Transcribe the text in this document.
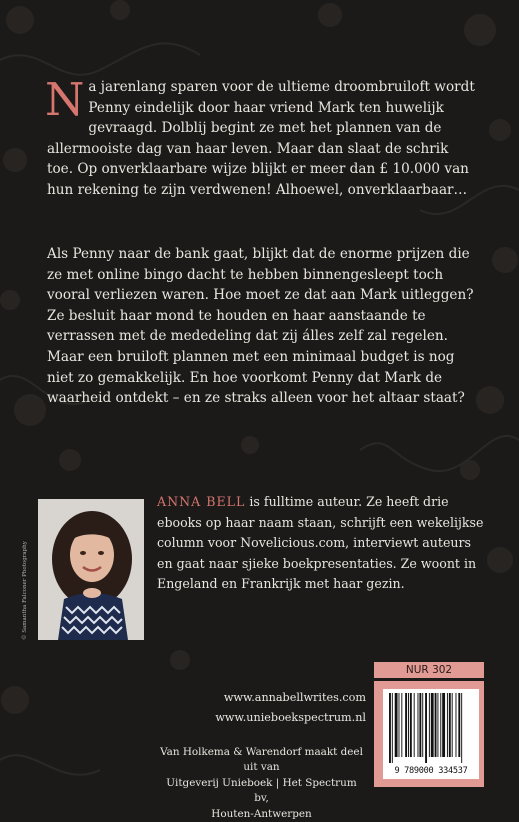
Na jarenlang sparen voor de ultieme droombruiloft wordt Penny eindelijk door haar vriend Mark ten huwelijk gevraagd. Dolblij begint ze met het plannen van de allermooiste dag van haar leven. Maar dan slaat de schrik toe. Op onverklaarbare wijze blijkt er meer dan £ 10.000 van hun rekening te zijn verdwenen! Alhoewel, onverklaarbaar…

Als Penny naar de bank gaat, blijkt dat de enorme prijzen die ze met online bingo dacht te hebben binnengesleept toch vooral verliezen waren. Hoe moet ze dat aan Mark uitleggen? Ze besluit haar mond te houden en haar aanstaande te verrassen met de mededeling dat zij álles zelf zal regelen. Maar een bruiloft plannen met een minimaal budget is nog niet zo gemakkelijk. En hoe voorkomt Penny dat Mark de waarheid ontdekt – en ze straks alleen voor het altaar staat?

© Samantha Falconer Photography

ANNA BELL is fulltime auteur. Ze heeft drie ebooks op haar naam staan, schrijft een wekelijkse column voor Novelicious.com, interviewt auteurs en gaat naar sjieke boekpresentaties. Ze woont in Engeland en Frankrijk met haar gezin.

www.annabellwrites.com
www.unieboekspectrum.nl
Van Holkema & Warendorf maakt deel uit van
Uitgeverij Unieboek | Het Spectrum bv,
Houten-Antwerpen
NUR 302
9 789000 334537
